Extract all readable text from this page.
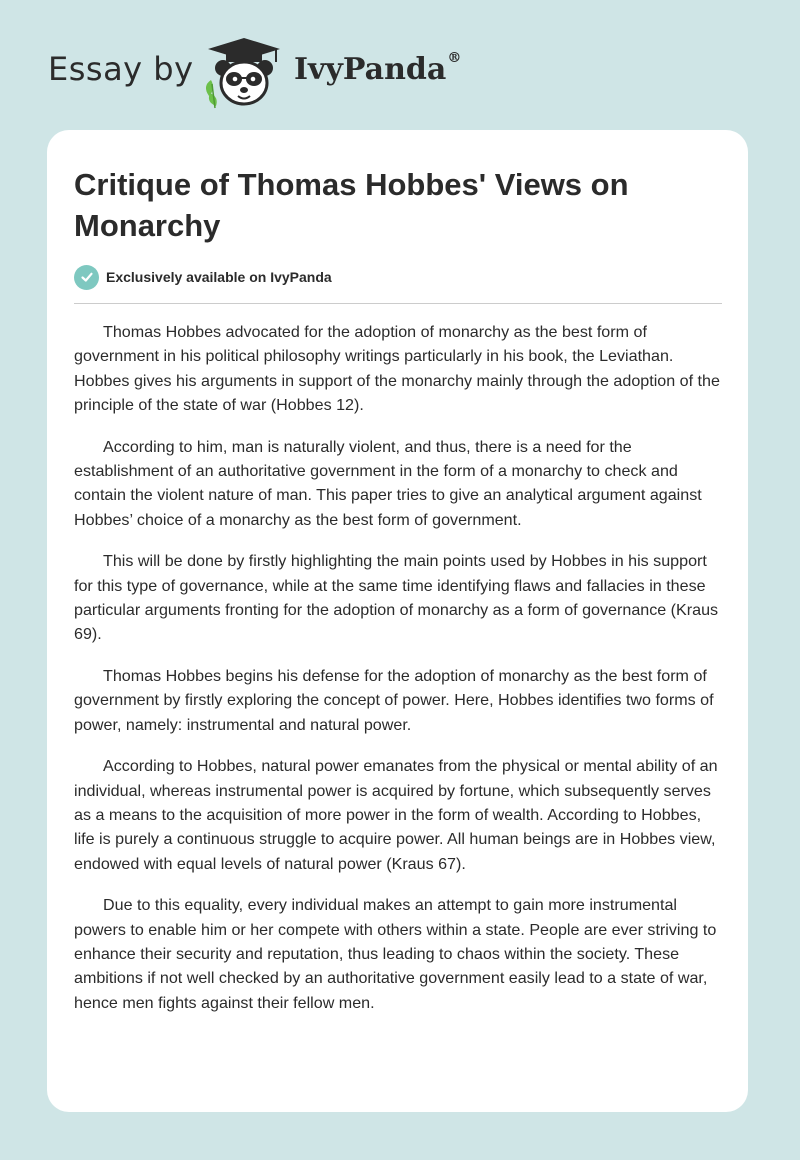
Essay by	IvyPanda®
Critique of Thomas Hobbes' Views on Monarchy
Exclusively available on IvyPanda

Thomas Hobbes advocated for the adoption of monarchy as the best form of government in his political philosophy writings particularly in his book, the Leviathan. Hobbes gives his arguments in support of the monarchy mainly through the adoption of the principle of the state of war (Hobbes 12).

According to him, man is naturally violent, and thus, there is a need for the establishment of an authoritative government in the form of a monarchy to check and contain the violent nature of man. This paper tries to give an analytical argument against Hobbes’ choice of a monarchy as the best form of government.

This will be done by firstly highlighting the main points used by Hobbes in his support for this type of governance, while at the same time identifying flaws and fallacies in these particular arguments fronting for the adoption of monarchy as a form of governance (Kraus 69).

Thomas Hobbes begins his defense for the adoption of monarchy as the best form of government by firstly exploring the concept of power. Here, Hobbes identifies two forms of power, namely: instrumental and natural power.

According to Hobbes, natural power emanates from the physical or mental ability of an individual, whereas instrumental power is acquired by fortune, which subsequently serves as a means to the acquisition of more power in the form of wealth. According to Hobbes, life is purely a continuous struggle to acquire power. All human beings are in Hobbes view, endowed with equal levels of natural power (Kraus 67).

Due to this equality, every individual makes an attempt to gain more instrumental powers to enable him or her compete with others within a state. People are ever striving to enhance their security and reputation, thus leading to chaos within the society. These ambitions if not well checked by an authoritative government easily lead to a state of war, hence men fights against their fellow men.
